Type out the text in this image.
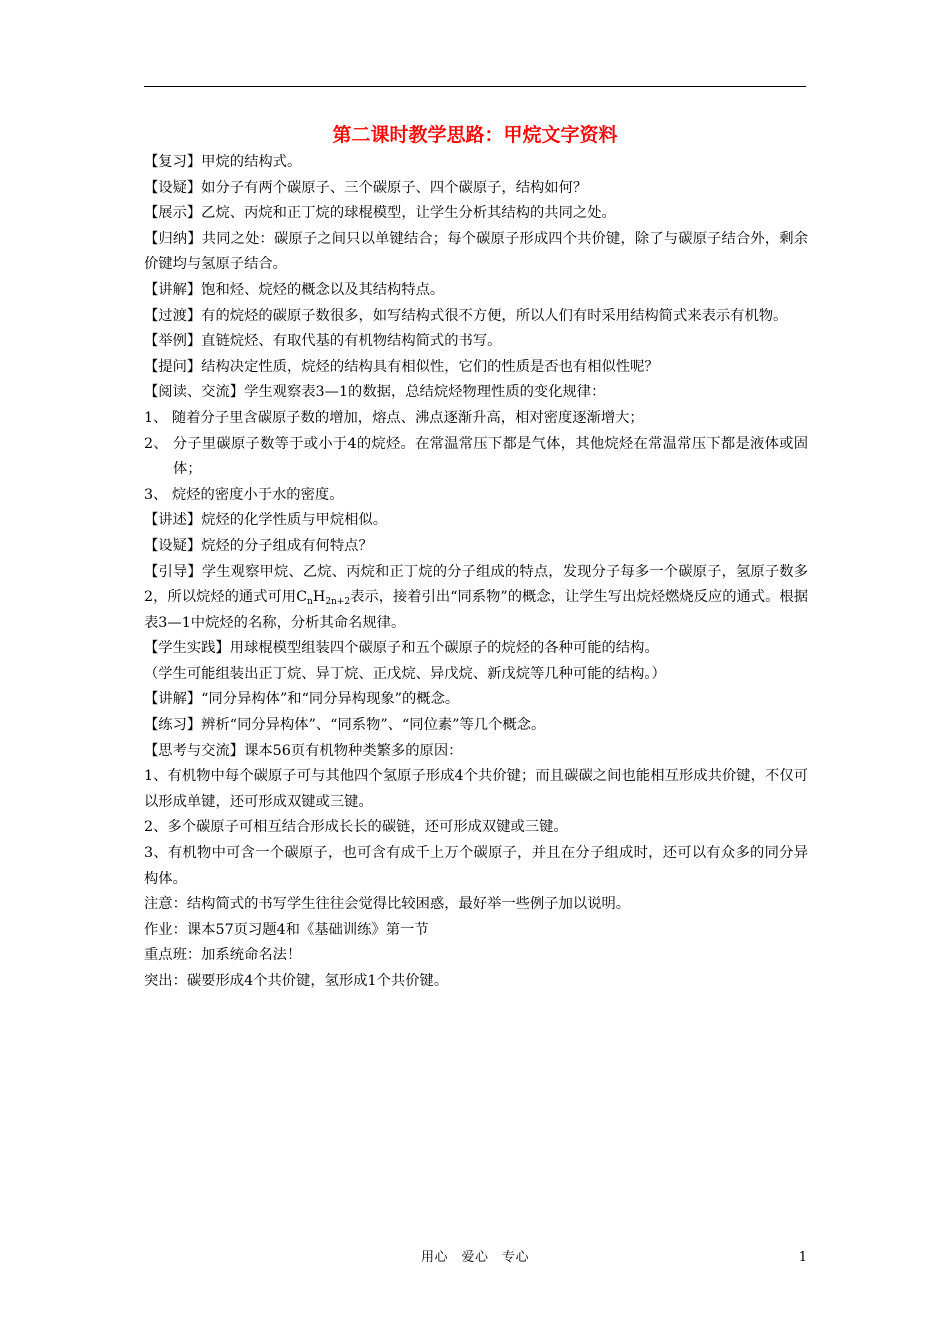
第二课时教学思路：甲烷文字资料

【复习】甲烷的结构式。

【设疑】如分子有两个碳原子、三个碳原子、四个碳原子，结构如何？

【展示】乙烷、丙烷和正丁烷的球棍模型，让学生分析其结构的共同之处。

【归纳】共同之处：碳原子之间只以单键结合；每个碳原子形成四个共价键，除了与碳原子结合外，剩余价键均与氢原子结合。

【讲解】饱和烃、烷烃的概念以及其结构特点。

【过渡】有的烷烃的碳原子数很多，如写结构式很不方便，所以人们有时采用结构简式来表示有机物。

【举例】直链烷烃、有取代基的有机物结构简式的书写。

【提问】结构决定性质，烷烃的结构具有相似性，它们的性质是否也有相似性呢？

【阅读、交流】学生观察表3—1的数据，总结烷烃物理性质的变化规律：

1、 随着分子里含碳原子数的增加，熔点、沸点逐渐升高，相对密度逐渐增大；

2、 分子里碳原子数等于或小于4的烷烃。在常温常压下都是气体，其他烷烃在常温常压下都是液体或固体；

3、 烷烃的密度小于水的密度。

【讲述】烷烃的化学性质与甲烷相似。

【设疑】烷烃的分子组成有何特点？

【引导】学生观察甲烷、乙烷、丙烷和正丁烷的分子组成的特点，发现分子每多一个碳原子，氢原子数多2，所以烷烃的通式可用$C_nH_{2n+2}$表示，接着引出“同系物”的概念，让学生写出烷烃燃烧反应的通式。根据表3—1中烷烃的名称，分析其命名规律。

【学生实践】用球棍模型组装四个碳原子和五个碳原子的烷烃的各种可能的结构。

（学生可能组装出正丁烷、异丁烷、正戊烷、异戊烷、新戊烷等几种可能的结构。）

【讲解】“同分异构体”和“同分异构现象”的概念。

【练习】辨析“同分异构体”、“同系物”、“同位素”等几个概念。

【思考与交流】课本56页有机物种类繁多的原因：

1、有机物中每个碳原子可与其他四个氢原子形成4个共价键；而且碳碳之间也能相互形成共价键，不仅可以形成单键，还可形成双键或三键。

2、多个碳原子可相互结合形成长长的碳链，还可形成双键或三键。

3、有机物中可含一个碳原子，也可含有成千上万个碳原子，并且在分子组成时，还可以有众多的同分异构体。

注意：结构简式的书写学生往往会觉得比较困惑，最好举一些例子加以说明。

作业：课本57页习题4和《基础训练》第一节

重点班：加系统命名法！

突出：碳要形成4个共价键，氢形成1个共价键。

用心　爱心　专心	1
